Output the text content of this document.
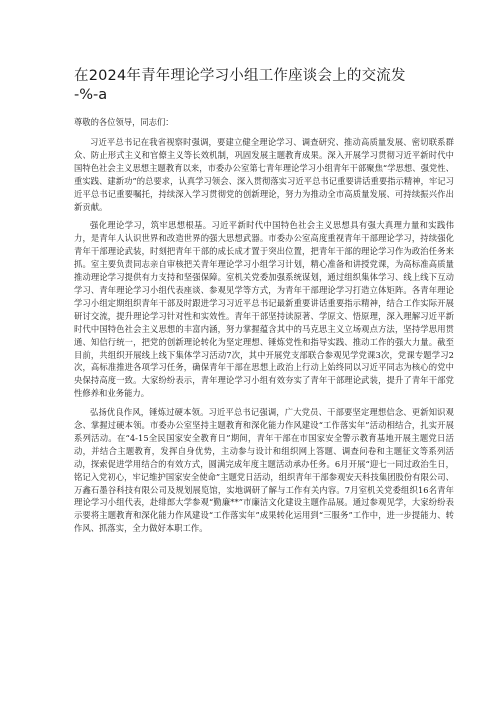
在2024年青年理论学习小组工作座谈会上的交流发
-%-a

尊敬的各位领导，同志们：

习近平总书记在我省视察时强调，要建立健全理论学习、调查研究、推动高质量发展、密切联系群众、防止形式主义和官僚主义等长效机制，巩固发展主题教育成果。深入开展学习贯彻习近平新时代中国特色社会主义思想主题教育以来，市委办公室第七青年理论学习小组青年干部聚焦“学思想、强党性、重实践、建新功”的总要求，认真学习领会、深入贯彻落实习近平总书记重要讲话重要指示精神，牢记习近平总书记重要嘱托，持续深入学习贯彻党的创新理论，努力为推动全市高质量发展、可持续振兴作出新贡献。

强化理论学习，筑牢思想根基。习近平新时代中国特色社会主义思想具有强大真理力量和实践伟力，是青年人认识世界和改造世界的强大思想武器。市委办公室高度重视青年干部理论学习，持续强化青年干部理论武装，时刻把青年干部的成长成才置于突出位置，把青年干部的理论学习作为政治任务来抓。室主要负责同志亲自审核把关青年理论学习小组学习计划，精心准备和讲授党课，为高标准高质量推动理论学习提供有力支持和坚强保障。室机关党委加强系统谋划，通过组织集体学习、线上线下互动学习、青年理论学习小组代表座谈、参观见学等方式，为青年干部理论学习打造立体矩阵。各青年理论学习小组定期组织青年干部及时跟进学习习近平总书记最新重要讲话重要指示精神，结合工作实际开展研讨交流，提升理论学习针对性和实效性。青年干部坚持读原著、学原文、悟原理，深入理解习近平新时代中国特色社会主义思想的丰富内涵，努力掌握蕴含其中的马克思主义立场观点方法，坚持学思用贯通、知信行统一，把党的创新理论转化为坚定理想、锤炼党性和指导实践、推动工作的强大力量。截至目前，共组织开展线上线下集体学习活动7次，其中开展党支部联合参观见学党课3次，党课专题学习2次，高标准推进各项学习任务，确保青年干部在思想上政治上行动上始终同以习近平同志为核心的党中央保持高度一致。大家纷纷表示，青年理论学习小组有效夯实了青年干部理论武装，提升了青年干部党性修养和业务能力。

弘扬优良作风，锤炼过硬本领。习近平总书记强调，广大党员、干部要坚定理想信念、更新知识观念、掌握过硬本领。市委办公室坚持主题教育和深化能力作风建设“工作落实年”活动相结合，扎实开展系列活动。在“4-15全民国家安全教育日”期间，青年干部在市国家安全警示教育基地开展主题党日活动，并结合主题教育，发挥自身优势，主动参与设计和组织网上答题、调查问卷和主题征文等系列活动，探索促进学用结合的有效方式，圆满完成年度主题活动承办任务。6月开展“迎七一同过政治生日，铭记入党初心，牢记维护国家安全使命”主题党日活动，组织青年干部参观安天科技集团股份有限公司、万鑫石墨谷科技有限公司及规划展览馆，实地调研了解与工作有关内容。7月室机关党委组织16名青年理论学习小组代表，赴绯郎大学参观“勤廉**”市廉洁文化建设主题作品展。通过参观见学，大家纷纷表示要将主题教育和深化能力作风建设“工作落实年”成果转化运用到“三服务”工作中，进一步提能力、转作风、抓落实，全力做好本职工作。
